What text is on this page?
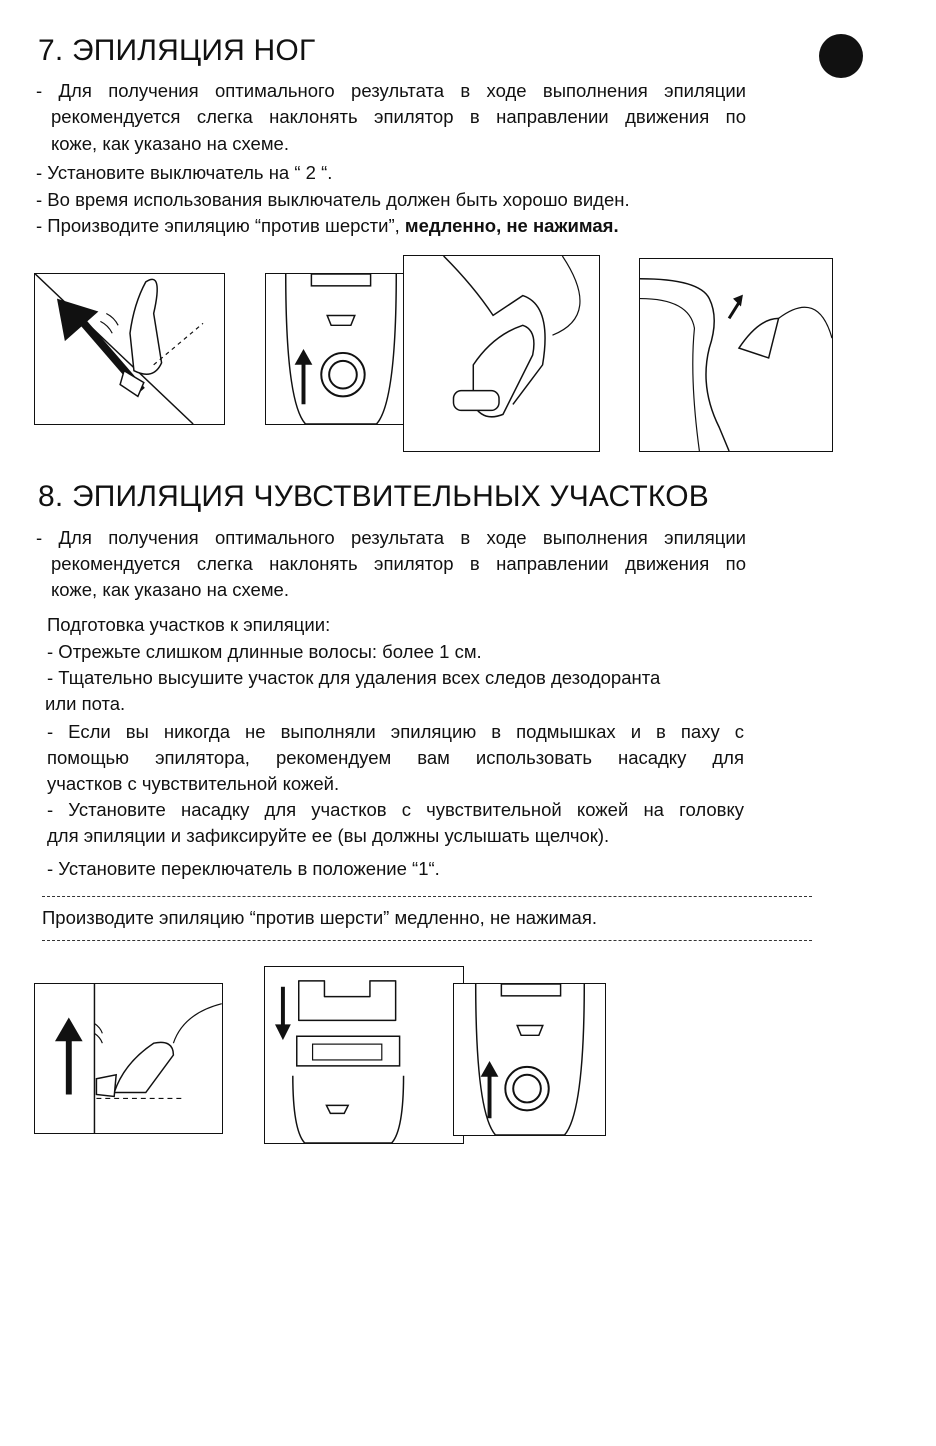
7. ЭПИЛЯЦИЯ НОГ
- Для получения оптимального результата в ходе выполнения эпиляции
рекомендуется слегка наклонять эпилятор в направлении движения по
коже, как указано на схеме.
- Установите выключатель на “ 2 “.
- Во время использования выключатель должен быть хорошо виден.
- Производите эпиляцию “против шерсти”, медленно, не нажимая.
8. ЭПИЛЯЦИЯ ЧУВСТВИТЕЛЬНЫХ УЧАСТКОВ
- Для получения оптимального результата в ходе выполнения эпиляции
рекомендуется слегка наклонять эпилятор в направлении движения по
коже, как указано на схеме.
Подготовка участков к эпиляции:
- Отрежьте слишком длинные волосы: более 1 см.
- Тщательно высушите участок для удаления всех следов дезодоранта
или пота.
- Если вы никогда не выполняли эпиляцию в подмышках и в паху с
помощью эпилятора, рекомендуем вам использовать насадку для
участков с чувствительной кожей.
- Установите насадку для участков с чувствительной кожей на головку
для эпиляции и зафиксируйте ее (вы должны услышать щелчок).
- Установите переключатель в положение “1“.
Производите эпиляцию “против шерсти” медленно, не нажимая.
